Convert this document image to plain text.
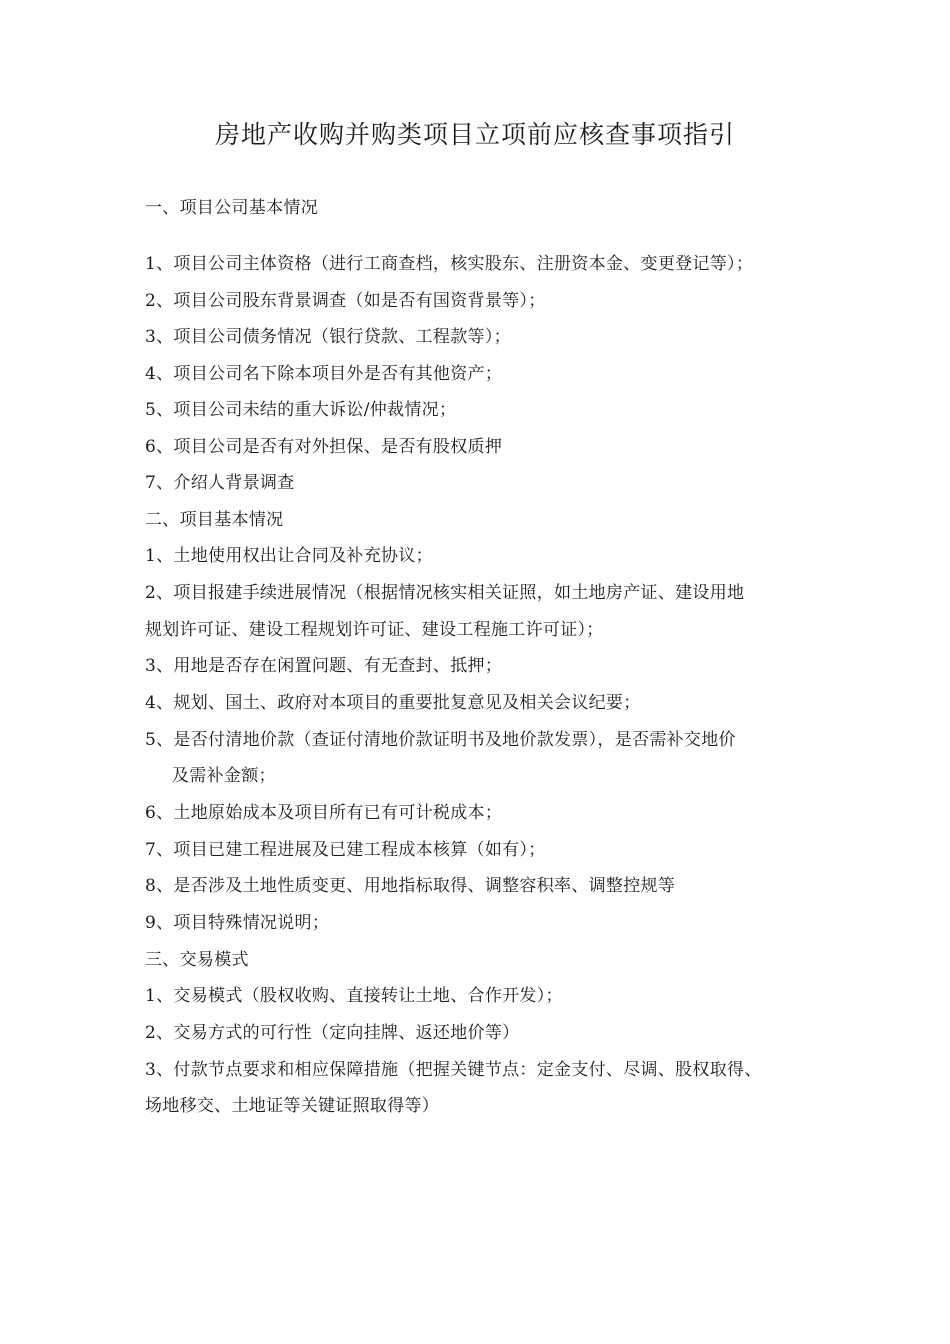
房地产收购并购类项目立项前应核查事项指引
一、项目公司基本情况
1、项目公司主体资格（进行工商查档，核实股东、注册资本金、变更登记等）；
2、项目公司股东背景调查（如是否有国资背景等）；
3、项目公司债务情况（银行贷款、工程款等）；
4、项目公司名下除本项目外是否有其他资产；
5、项目公司未结的重大诉讼/仲裁情况；
6、项目公司是否有对外担保、是否有股权质押
7、介绍人背景调查
二、项目基本情况
1、土地使用权出让合同及补充协议；
2、项目报建手续进展情况（根据情况核实相关证照，如土地房产证、建设用地
规划许可证、建设工程规划许可证、建设工程施工许可证）；
3、用地是否存在闲置问题、有无查封、抵押；
4、规划、国土、政府对本项目的重要批复意见及相关会议纪要；
5、是否付清地价款（查证付清地价款证明书及地价款发票），是否需补交地价
及需补金额；
6、土地原始成本及项目所有已有可计税成本；
7、项目已建工程进展及已建工程成本核算（如有）；
8、是否涉及土地性质变更、用地指标取得、调整容积率、调整控规等
9、项目特殊情况说明；
三、交易模式
1、交易模式（股权收购、直接转让土地、合作开发）；
2、交易方式的可行性（定向挂牌、返还地价等）
3、付款节点要求和相应保障措施（把握关键节点：定金支付、尽调、股权取得、
场地移交、土地证等关键证照取得等）
